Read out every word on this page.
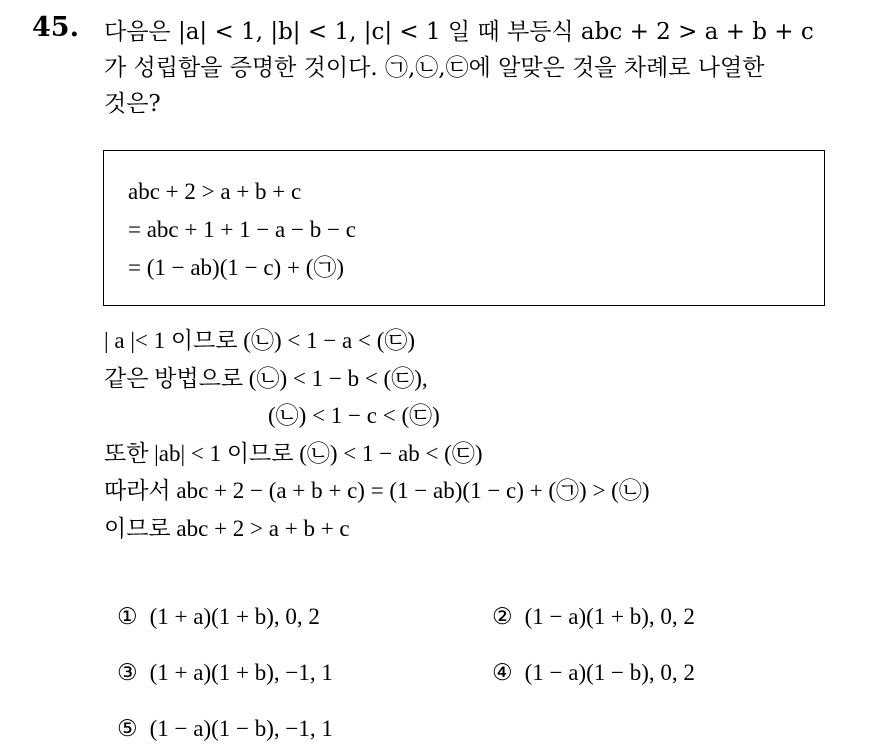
45. 다음은 |a| < 1, |b| < 1, |c| < 1 일 때 부등식 abc + 2 > a + b + c
가 성립함을 증명한 것이다. ㉠,㉡,㉢에 알맞은 것을 차례로 나열한
것은?
abc + 2 > a + b + c
= abc + 1 + 1 − a − b − c
= (1 − ab)(1 − c) + (㉠)
| a |< 1 이므로 (㉡) < 1 − a < (㉢)
같은 방법으로 (㉡) < 1 − b < (㉢),
(㉡) < 1 − c < (㉢)
또한 |ab| < 1 이므로 (㉡) < 1 − ab < (㉢)
따라서 abc + 2 − (a + b + c) = (1 − ab)(1 − c) + (㉠) > (㉡)
이므로 abc + 2 > a + b + c
① (1 + a)(1 + b), 0, 2	② (1 − a)(1 + b), 0, 2
③ (1 + a)(1 + b), −1, 1	④ (1 − a)(1 − b), 0, 2
⑤ (1 − a)(1 − b), −1, 1
